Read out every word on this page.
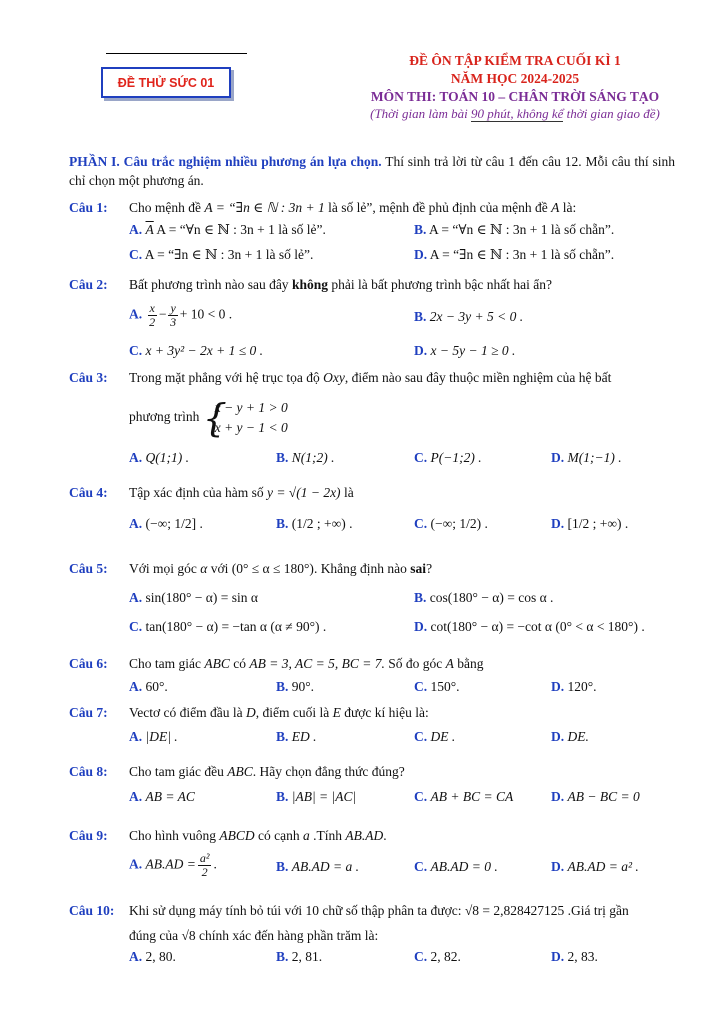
ĐỀ THỬ SỨC 01
ĐỀ ÔN TẬP KIỂM TRA CUỐI KÌ 1
NĂM HỌC 2024-2025
MÔN THI: TOÁN 10 – CHÂN TRỜI SÁNG TẠO
(Thời gian làm bài 90 phút, không kể thời gian giao đề)
PHẦN I. Câu trắc nghiệm nhiều phương án lựa chọn. Thí sinh trả lời từ câu 1 đến câu 12. Mỗi câu thí sinh chỉ chọn một phương án.
Câu 1: Cho mệnh đề A = “∃n ∈ ℕ : 3n + 1 là số lẻ”, mệnh đề phủ định của mệnh đề A là:
A. $\overline{A}$ A = “∀n ∈ ℕ : 3n + 1 là số lẻ”.	B. A = “∀n ∈ ℕ : 3n + 1 là số chẵn”.
C. A = “∃n ∈ ℕ : 3n + 1 là số lẻ”.	D. A = “∃n ∈ ℕ : 3n + 1 là số chẵn”.
Câu 2: Bất phương trình nào sau đây không phải là bất phương trình bậc nhất hai ẩn?
A. $\frac{x}{2} - \frac{y}{3} + 10 < 0$ .	B. 2x − 3y + 5 < 0 .
C. x + 3y² − 2x + 1 ≤ 0 .	D. x − 5y − 1 ≥ 0 .
Câu 3: Trong mặt phẳng với hệ trục tọa độ Oxy, điểm nào sau đây thuộc miền nghiệm của hệ bất
phương trình {
x − y + 1 > 0
x + y − 1 < 0
A. Q(1;1) .	B. N(1;2) .	C. P(−1;2) .	D. M(1;−1) .
Câu 4: Tập xác định của hàm số y = √(1 − 2x) là
A. (−∞; 1/2] .	B. (1/2 ; +∞) .	C. (−∞; 1/2) .	D. [1/2 ; +∞) .
Câu 5: Với mọi góc α với (0° ≤ α ≤ 180°). Khẳng định nào sai?
A. sin(180° − α) = sin α	B. cos(180° − α) = cos α .
C. tan(180° − α) = −tan α (α ≠ 90°) .	D. cot(180° − α) = −cot α (0° < α < 180°) .
Câu 6: Cho tam giác ABC có AB = 3, AC = 5, BC = 7. Số đo góc A bằng
A. 60°.	B. 90°.	C. 150°.	D. 120°.
Câu 7: Vectơ có điểm đầu là D, điểm cuối là E được kí hiệu là:
A. |DE| .	B. ED .	C. DE .	D. DE.
Câu 8: Cho tam giác đều ABC. Hãy chọn đẳng thức đúng?
A. AB = AC	B. |AB| = |AC|	C. AB + BC = CA	D. AB − BC = 0
Câu 9: Cho hình vuông ABCD có cạnh a .Tính AB.AD.
A. $AB.AD = \frac{\text{a²}}{2}$ .	B. AB.AD = a .	C. AB.AD = 0 .	D. AB.AD = a² .
Câu 10: Khi sử dụng máy tính bỏ túi với 10 chữ số thập phân ta được: √8 = 2,828427125 .Giá trị gần
đúng của √8 chính xác đến hàng phần trăm là:
A. 2, 80.	B. 2, 81.	C. 2, 82.	D. 2, 83.
